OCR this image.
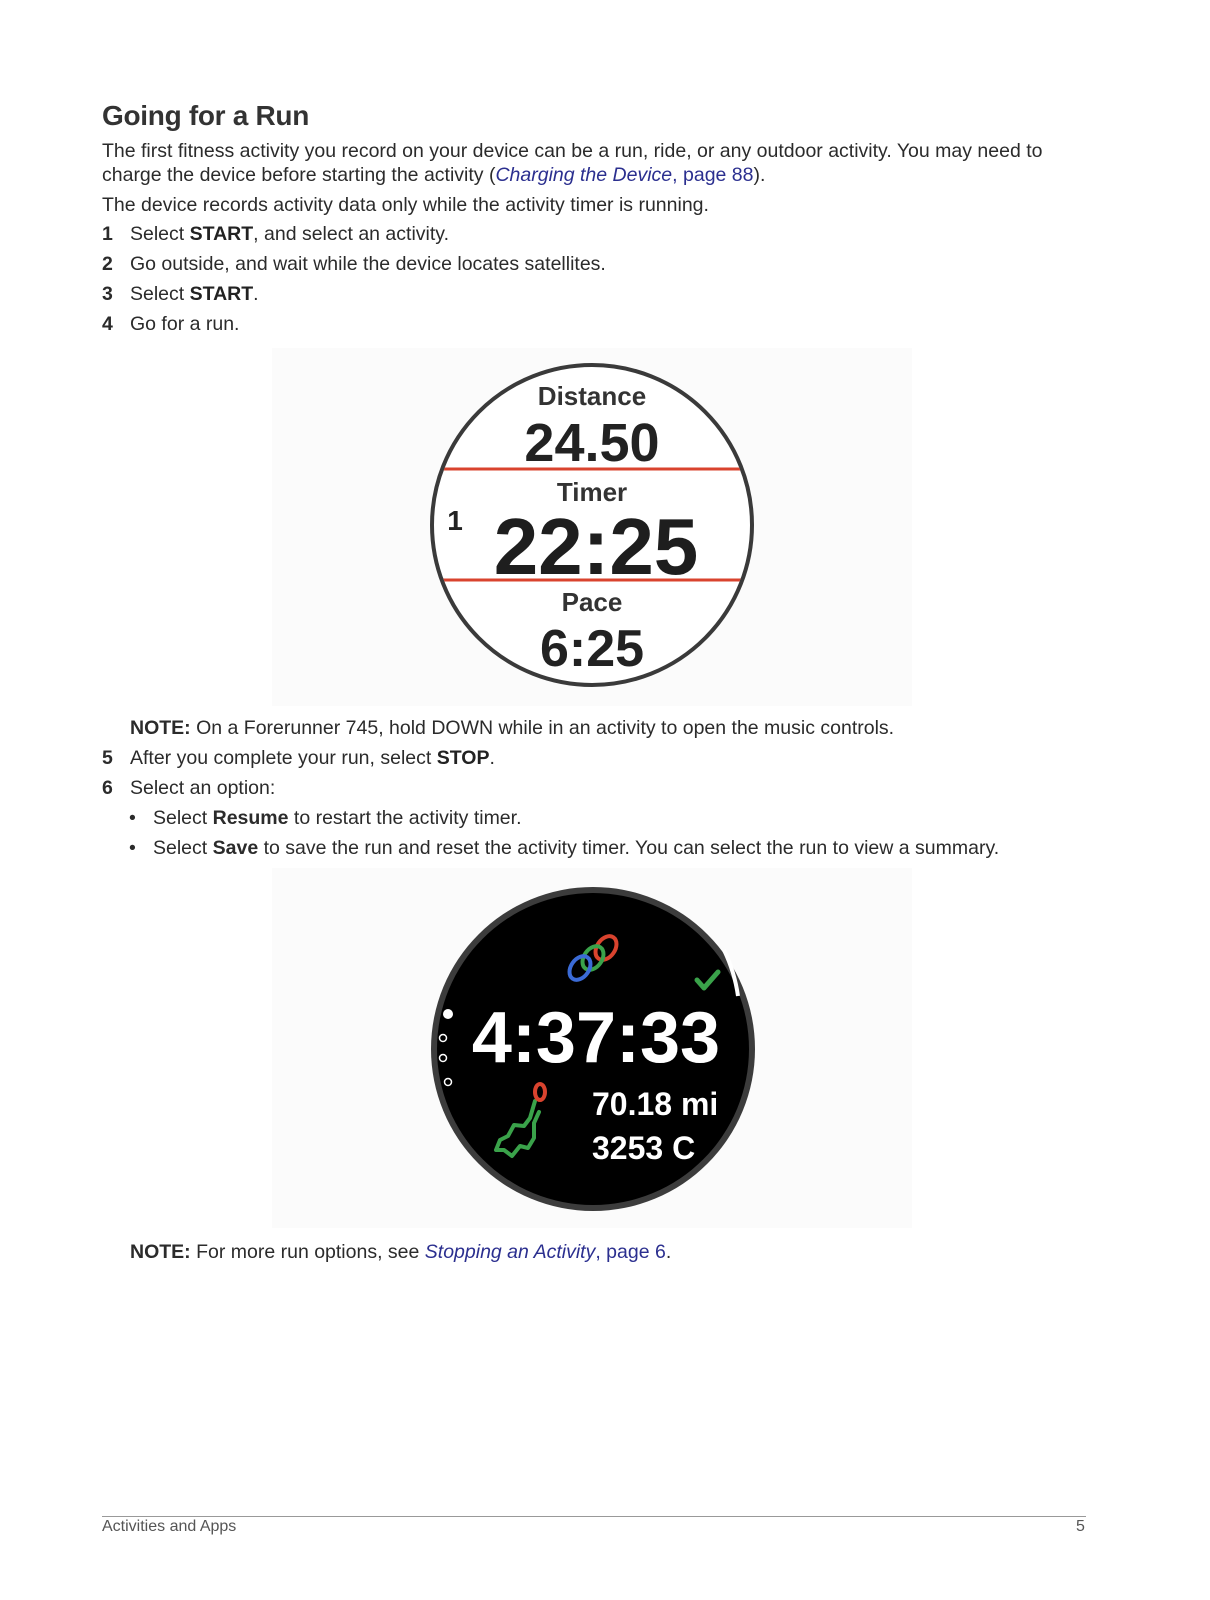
Going for a Run
The first fitness activity you record on your device can be a run, ride, or any outdoor activity. You may need to charge the device before starting the activity (Charging the Device, page 88).
The device records activity data only while the activity timer is running.
1 Select START, and select an activity.
2 Go outside, and wait while the device locates satellites.
3 Select START.
4 Go for a run.
Distance
24.50
Timer
1 22:25
Pace
6:25
NOTE: On a Forerunner 745, hold DOWN while in an activity to open the music controls.
5 After you complete your run, select STOP.
6 Select an option:
• Select Resume to restart the activity timer.
• Select Save to save the run and reset the activity timer. You can select the run to view a summary.
4:37:33
70.18 mi
3253 C
NOTE: For more run options, see Stopping an Activity, page 6.
Activities and Apps	5
